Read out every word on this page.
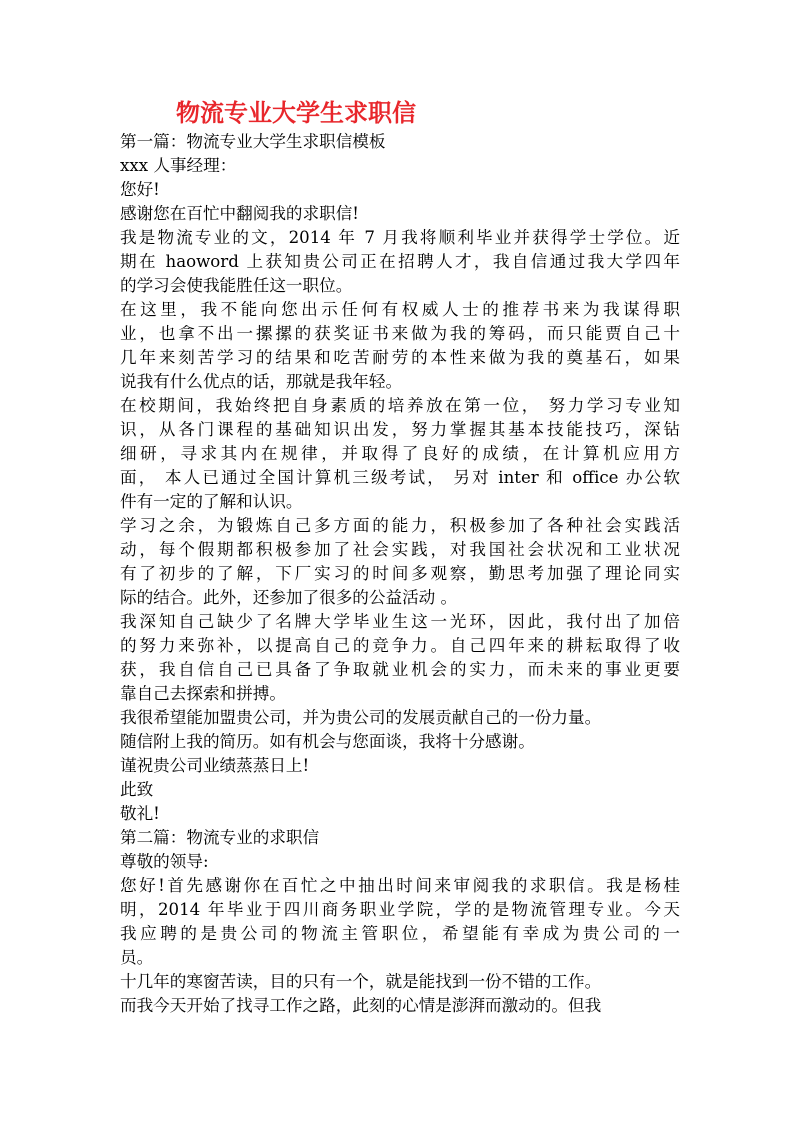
物流专业大学生求职信

第一篇：物流专业大学生求职信模板

xxx 人事经理：

您好!

感谢您在百忙中翻阅我的求职信!

我是物流专业的文，2014 年 7 月我将顺利毕业并获得学士学位。近
期在 haoword 上获知贵公司正在招聘人才，我自信通过我大学四年
的学习会使我能胜任这一职位。

在这里，我不能向您出示任何有权威人士的推荐书来为我谋得职
业，也拿不出一摞摞的获奖证书来做为我的筹码，而只能贾自己十
几年来刻苦学习的结果和吃苦耐劳的本性来做为我的奠基石，如果
说我有什么优点的话，那就是我年轻。

在校期间，我始终把自身素质的培养放在第一位， 努力学习专业知
识，从各门课程的基础知识出发，努力掌握其基本技能技巧，深钻
细研，寻求其内在规律，并取得了良好的成绩，在计算机应用方
面， 本人已通过全国计算机三级考试， 另对 inter 和 office 办公软
件有一定的了解和认识。

学习之余，为锻炼自己多方面的能力，积极参加了各种社会实践活
动，每个假期都积极参加了社会实践，对我国社会状况和工业状况
有了初步的了解，下厂实习的时间多观察，勤思考加强了理论同实
际的结合。此外，还参加了很多的公益活动 。

我深知自己缺少了名牌大学毕业生这一光环，因此，我付出了加倍
的努力来弥补，以提高自己的竞争力。自己四年来的耕耘取得了收
获，我自信自己已具备了争取就业机会的实力，而未来的事业更要
靠自己去探索和拼搏。

我很希望能加盟贵公司，并为贵公司的发展贡献自己的一份力量。

随信附上我的简历。如有机会与您面谈，我将十分感谢。

谨祝贵公司业绩蒸蒸日上!

此致

敬礼!

第二篇：物流专业的求职信

尊敬的领导:

您好!首先感谢你在百忙之中抽出时间来审阅我的求职信。我是杨桂
明，2014 年毕业于四川商务职业学院，学的是物流管理专业。今天
我应聘的是贵公司的物流主管职位，希望能有幸成为贵公司的一
员。

十几年的寒窗苦读，目的只有一个，就是能找到一份不错的工作。

而我今天开始了找寻工作之路，此刻的心情是澎湃而激动的。但我
